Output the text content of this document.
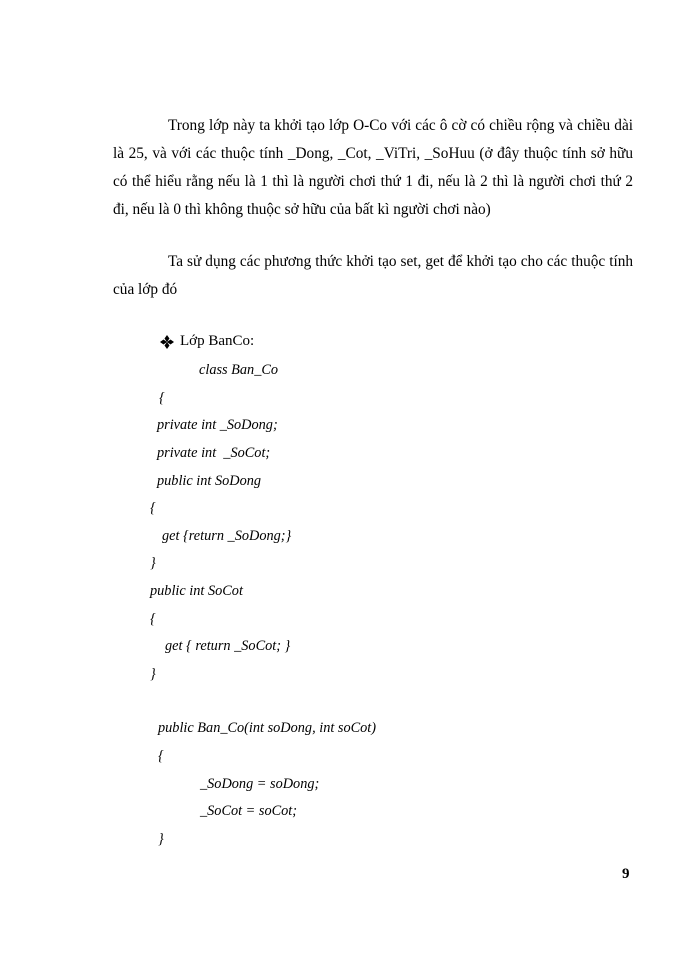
Trong lớp này ta khởi tạo lớp O-Co với các ô cờ có chiều rộng và chiều dài là 25, và với các thuộc tính _Dong, _Cot, _ViTri, _SoHuu (ở đây thuộc tính sở hữu có thể hiểu rằng nếu là 1 thì là người chơi thứ 1 đi, nếu là 2 thì là người chơi thứ 2 đi, nếu là 0 thì không thuộc sở hữu của bất kì người chơi nào)

Ta sử dụng các phương thức khởi tạo set, get để khởi tạo cho các thuộc tính của lớp đó

Lớp BanCo:
class Ban_Co
{
private int _SoDong;
private int  _SoCot;
public int SoDong
{
get {return _SoDong;}
}
public int SoCot
{
get { return _SoCot; }
}
public Ban_Co(int soDong, int soCot)
{
_SoDong = soDong;
_SoCot = soCot;
}
9
